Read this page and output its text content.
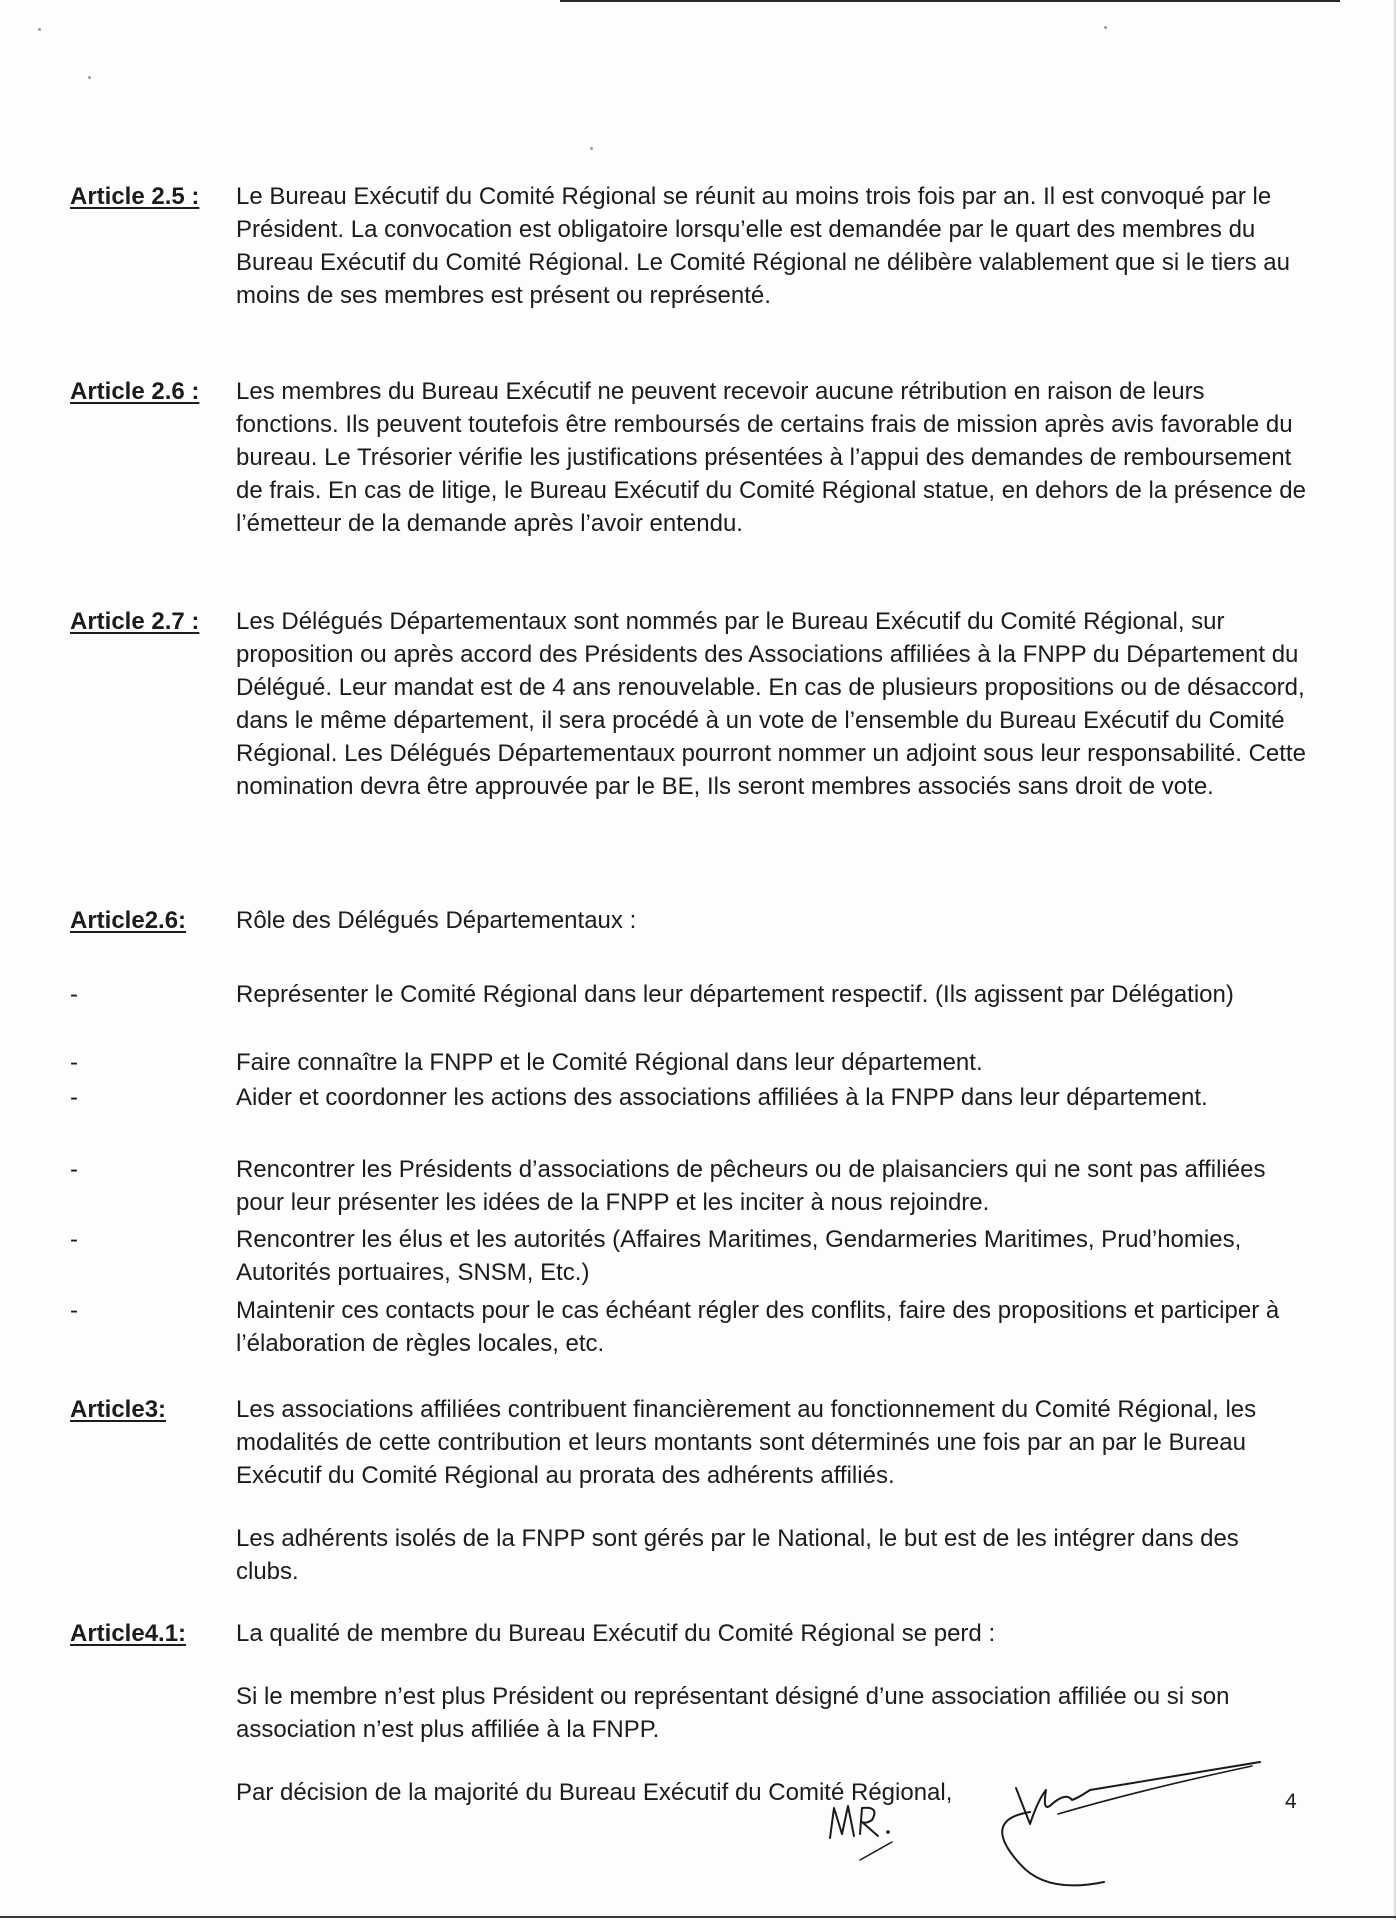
Article 2.5 :	Le Bureau Exécutif du Comité Régional se réunit au moins trois fois par an. Il est convoqué par le Président. La convocation est obligatoire lorsqu’elle est demandée par le quart des membres du Bureau Exécutif du Comité Régional. Le Comité Régional ne délibère valablement que si le tiers au moins de ses membres est présent ou représenté.
Article 2.6 :	Les membres du Bureau Exécutif ne peuvent recevoir aucune rétribution en raison de leurs fonctions. Ils peuvent toutefois être remboursés de certains frais de mission après avis favorable du bureau. Le Trésorier vérifie les justifications présentées à l’appui des demandes de remboursement de frais. En cas de litige, le Bureau Exécutif du Comité Régional statue, en dehors de la présence de l’émetteur de la demande après l’avoir entendu.
Article 2.7 :	Les Délégués Départementaux sont nommés par le Bureau Exécutif du Comité Régional, sur proposition ou après accord des Présidents des Associations affiliées à la FNPP du Département du Délégué. Leur mandat est de 4 ans renouvelable. En cas de plusieurs propositions ou de désaccord, dans le même département, il sera procédé à un vote de l’ensemble du Bureau Exécutif du Comité Régional. Les Délégués Départementaux pourront nommer un adjoint sous leur responsabilité. Cette nomination devra être approuvée par le BE, Ils seront membres associés sans droit de vote.
Article2.6:	Rôle des Délégués Départementaux :
-	Représenter le Comité Régional dans leur département respectif. (Ils agissent par Délégation)
-	Faire connaître la FNPP et le Comité Régional dans leur département.
-	Aider et coordonner les actions des associations affiliées à la FNPP dans leur département.
-	Rencontrer les Présidents d’associations de pêcheurs ou de plaisanciers qui ne sont pas affiliées pour leur présenter les idées de la FNPP et les inciter à nous rejoindre.
-	Rencontrer les élus et les autorités (Affaires Maritimes, Gendarmeries Maritimes, Prud’homies, Autorités portuaires, SNSM, Etc.)
-	Maintenir ces contacts pour le cas échéant régler des conflits, faire des propositions et participer à l’élaboration de règles locales, etc.
Article3:	Les associations affiliées contribuent financièrement au fonctionnement du Comité Régional, les modalités de cette contribution et leurs montants sont déterminés une fois par an par le Bureau Exécutif du Comité Régional au prorata des adhérents affiliés.

Les adhérents isolés de la FNPP sont gérés par le National, le but est de les intégrer dans des clubs.

Article4.1:	La qualité de membre du Bureau Exécutif du Comité Régional se perd :

Si le membre n’est plus Président ou représentant désigné d’une association affiliée ou si son association n’est plus affiliée à la FNPP.

Par décision de la majorité du Bureau Exécutif du Comité Régional,	4
